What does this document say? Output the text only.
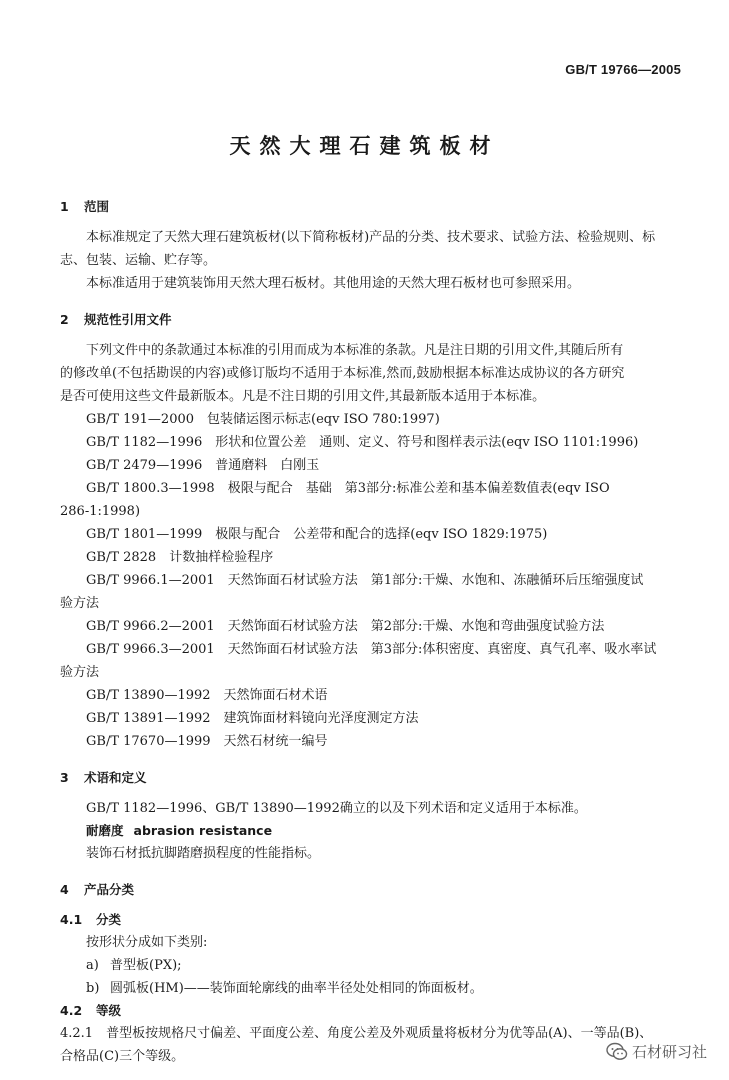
GB/T 19766—2005
天然大理石建筑板材
1 范围

本标准规定了天然大理石建筑板材(以下简称板材)产品的分类、技术要求、试验方法、检验规则、标

志、包装、运输、贮存等。

本标准适用于建筑装饰用天然大理石板材。其他用途的天然大理石板材也可参照采用。

2 规范性引用文件

下列文件中的条款通过本标准的引用而成为本标准的条款。凡是注日期的引用文件,其随后所有

的修改单(不包括勘误的内容)或修订版均不适用于本标准,然而,鼓励根据本标准达成协议的各方研究

是否可使用这些文件最新版本。凡是不注日期的引用文件,其最新版本适用于本标准。

GB/T 191—2000　包装储运图示标志(eqv ISO 780:1997)

GB/T 1182—1996　形状和位置公差　通则、定义、符号和图样表示法(eqv ISO 1101:1996)

GB/T 2479—1996　普通磨料　白刚玉

GB/T 1800.3—1998　极限与配合　基础　第3部分:标准公差和基本偏差数值表(eqv ISO

286-1:1998)

GB/T 1801—1999　极限与配合　公差带和配合的选择(eqv ISO 1829:1975)

GB/T 2828　计数抽样检验程序

GB/T 9966.1—2001　天然饰面石材试验方法　第1部分:干燥、水饱和、冻融循环后压缩强度试

验方法

GB/T 9966.2—2001　天然饰面石材试验方法　第2部分:干燥、水饱和弯曲强度试验方法

GB/T 9966.3—2001　天然饰面石材试验方法　第3部分:体积密度、真密度、真气孔率、吸水率试

验方法

GB/T 13890—1992　天然饰面石材术语

GB/T 13891—1992　建筑饰面材料镜向光泽度测定方法

GB/T 17670—1999　天然石材统一编号

3 术语和定义

GB/T 1182—1996、GB/T 13890—1992确立的以及下列术语和定义适用于本标准。

耐磨度 abrasion resistance

装饰石材抵抗脚踏磨损程度的性能指标。

4 产品分类
4.1 分类

按形状分成如下类别:

a) 普型板(PX);

b) 圆弧板(HM)——装饰面轮廓线的曲率半径处处相同的饰面板材。

4.2 等级

4.2.1　普型板按规格尺寸偏差、平面度公差、角度公差及外观质量将板材分为优等品(A)、一等品(B)、

合格品(C)三个等级。	石材研习社
